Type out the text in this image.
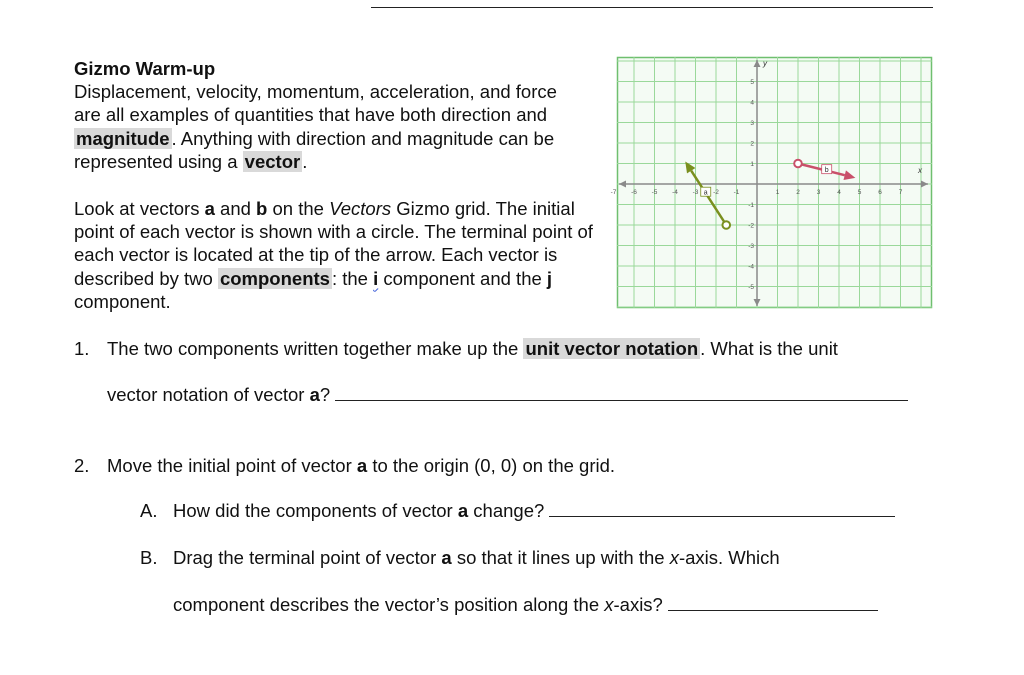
Gizmo Warm-up

Displacement, velocity, momentum, acceleration, and force are all examples of quantities that have both direction and magnitude . Anything with direction and magnitude can be represented using a vector .

Look at vectors a and b on the Vectors Gizmo grid. The initial point of each vector is shown with a circle. The terminal point of each vector is located at the tip of the arrow. Each vector is described by two components : the i component and the j component.
x
y
-7 -6 -5 -4 -3 -2 -1	1	2	3	4	5	6	7
5
4
3
2
1
-1
-2
-3
-4
-5
a
b
1. The two components written together make up the unit vector notation . What is the unit
vector notation of vector a?
2. Move the initial point of vector a to the origin (0, 0) on the grid.
A. How did the components of vector a change?
B. Drag the terminal point of vector a so that it lines up with the x-axis. Which
component describes the vector’s position along the x-axis?
